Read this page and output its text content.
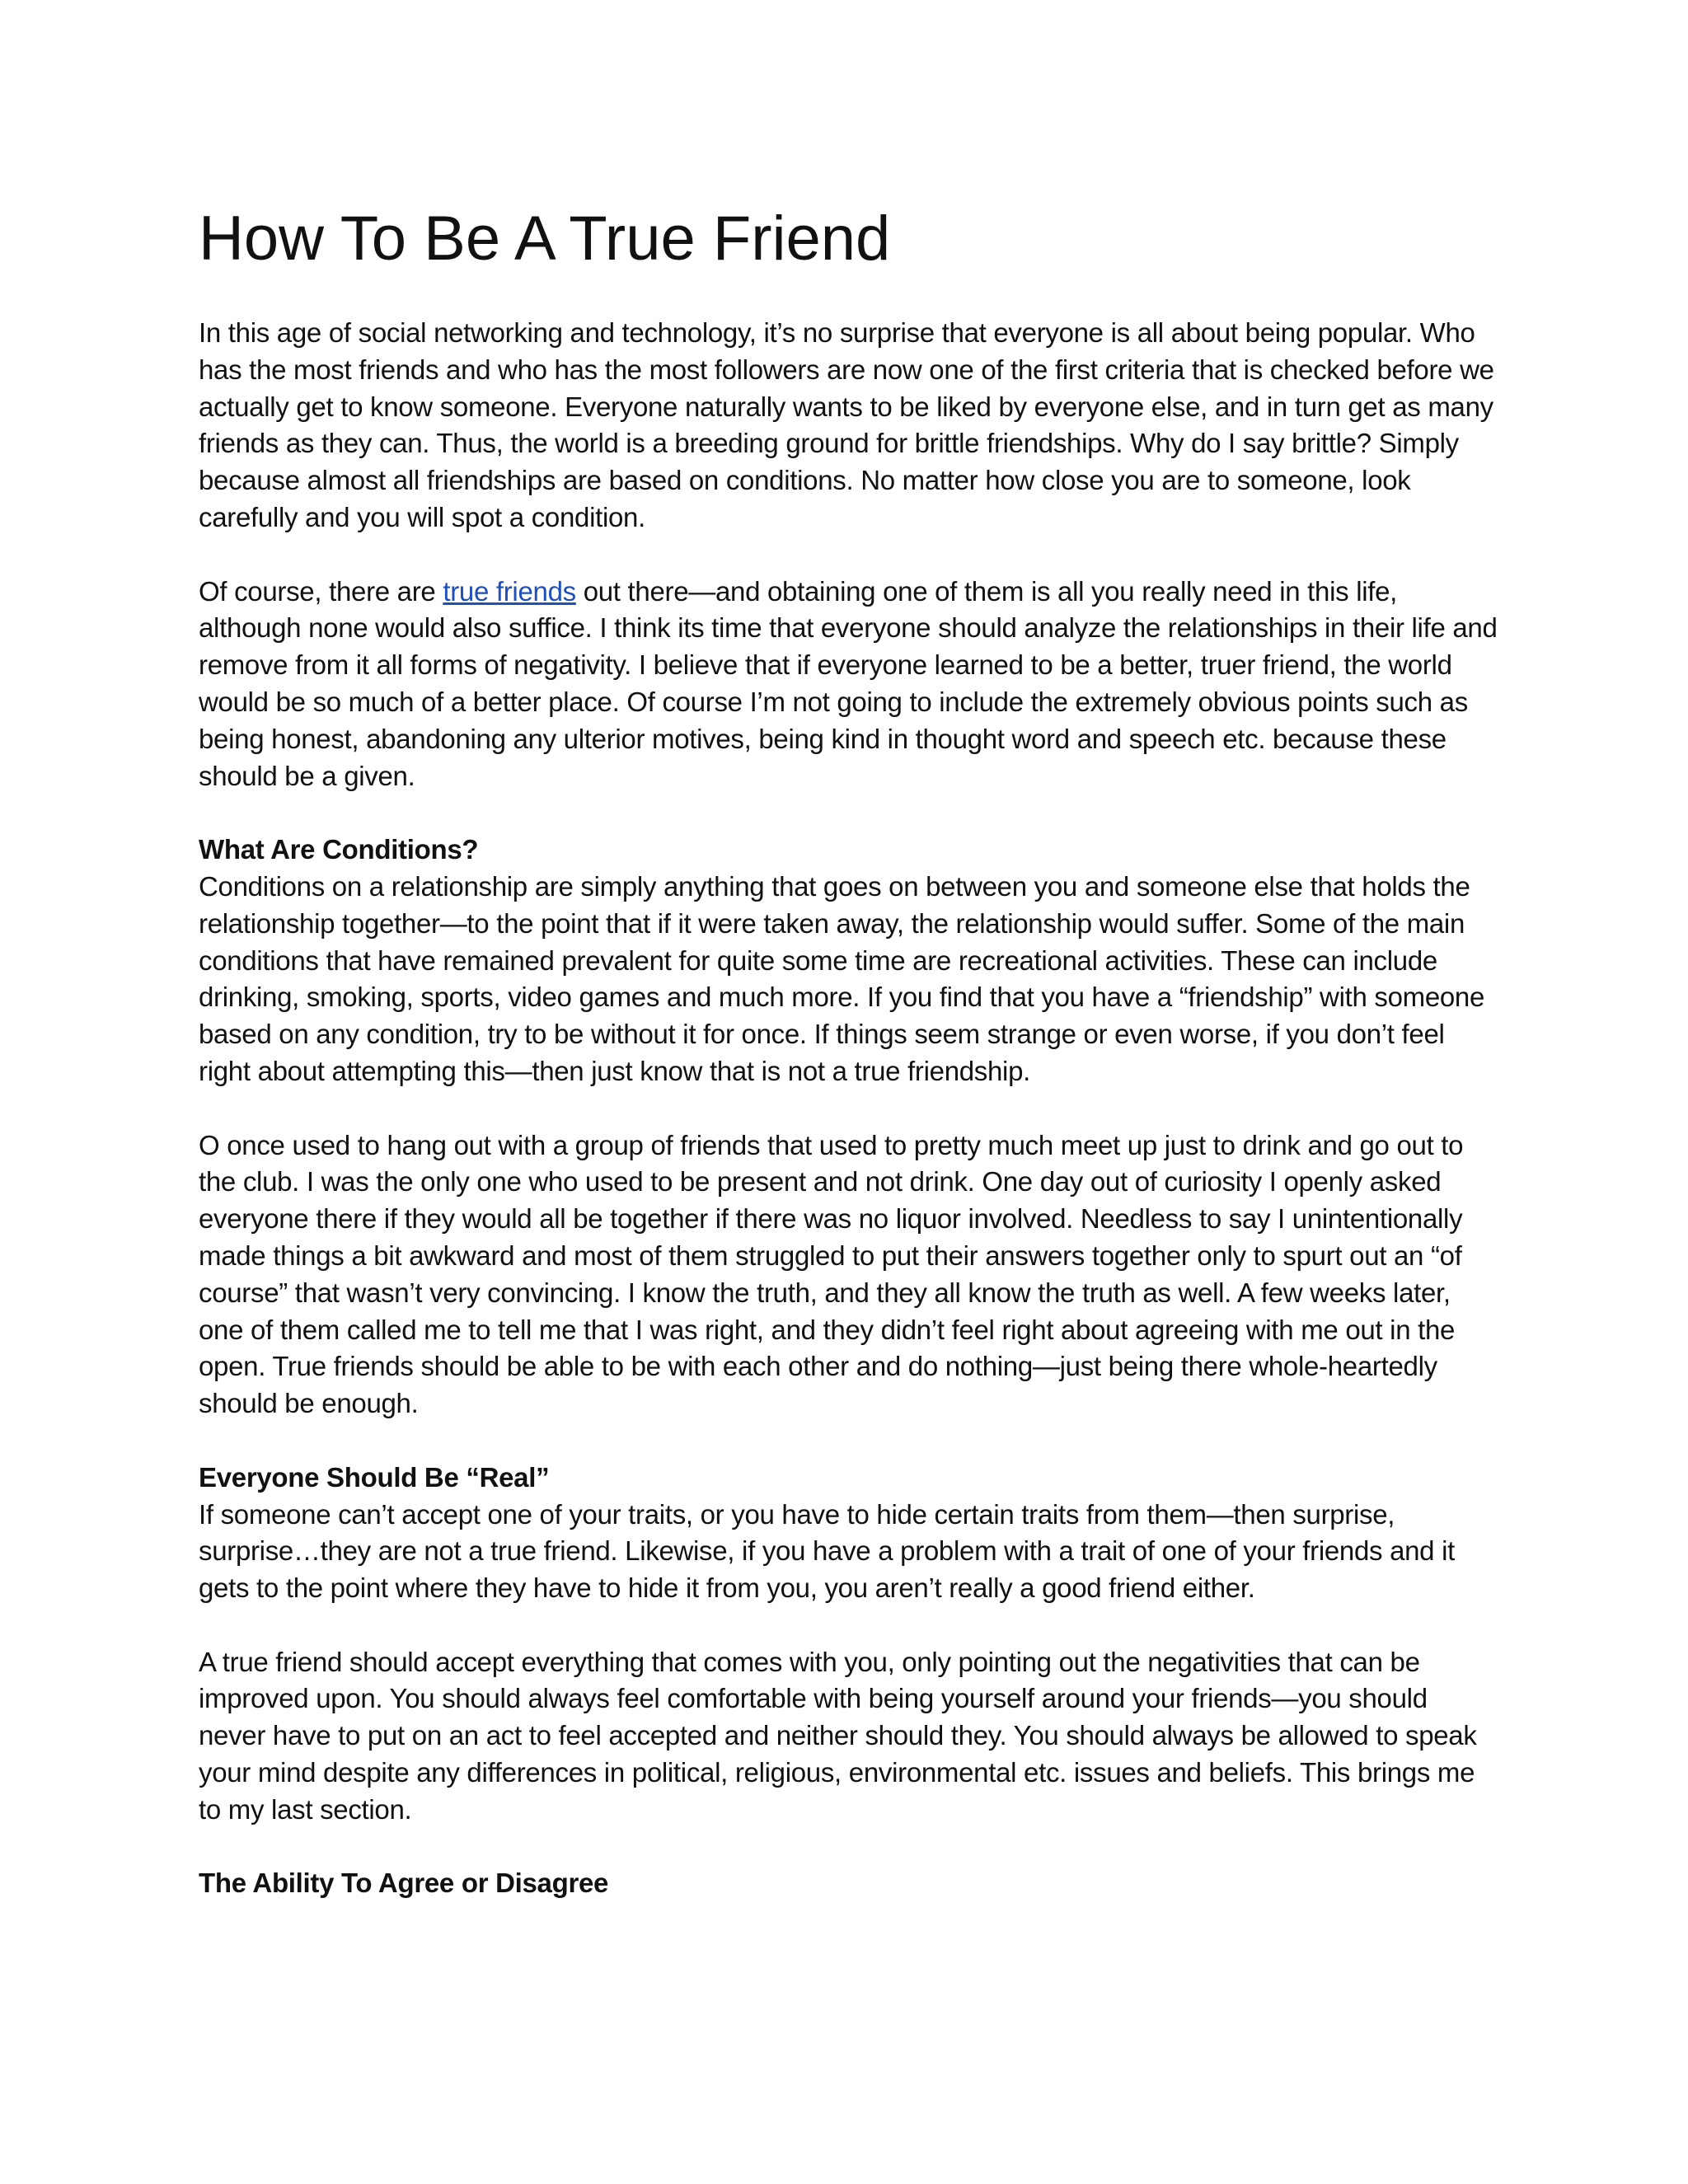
How To Be A True Friend

In this age of social networking and technology, it’s no surprise that everyone is all about being popular. Who has the most friends and who has the most followers are now one of the first criteria that is checked before we actually get to know someone. Everyone naturally wants to be liked by everyone else, and in turn get as many friends as they can. Thus, the world is a breeding ground for brittle friendships. Why do I say brittle? Simply because almost all friendships are based on conditions. No matter how close you are to someone, look carefully and you will spot a condition.

Of course, there are true friends out there—and obtaining one of them is all you really need in this life, although none would also suffice. I think its time that everyone should analyze the relationships in their life and remove from it all forms of negativity. I believe that if everyone learned to be a better, truer friend, the world would be so much of a better place. Of course I’m not going to include the extremely obvious points such as being honest, abandoning any ulterior motives, being kind in thought word and speech etc. because these should be a given.

What Are Conditions?

Conditions on a relationship are simply anything that goes on between you and someone else that holds the relationship together—to the point that if it were taken away, the relationship would suffer. Some of the main conditions that have remained prevalent for quite some time are recreational activities. These can include drinking, smoking, sports, video games and much more. If you find that you have a “friendship” with someone based on any condition, try to be without it for once. If things seem strange or even worse, if you don’t feel right about attempting this—then just know that is not a true friendship.

O once used to hang out with a group of friends that used to pretty much meet up just to drink and go out to the club. I was the only one who used to be present and not drink. One day out of curiosity I openly asked everyone there if they would all be together if there was no liquor involved. Needless to say I unintentionally made things a bit awkward and most of them struggled to put their answers together only to spurt out an “of course” that wasn’t very convincing. I know the truth, and they all know the truth as well. A few weeks later, one of them called me to tell me that I was right, and they didn’t feel right about agreeing with me out in the open. True friends should be able to be with each other and do nothing—just being there whole-heartedly should be enough.

Everyone Should Be “Real”

If someone can’t accept one of your traits, or you have to hide certain traits from them—then surprise, surprise…they are not a true friend. Likewise, if you have a problem with a trait of one of your friends and it gets to the point where they have to hide it from you, you aren’t really a good friend either.

A true friend should accept everything that comes with you, only pointing out the negativities that can be improved upon. You should always feel comfortable with being yourself around your friends—you should never have to put on an act to feel accepted and neither should they. You should always be allowed to speak your mind despite any differences in political, religious, environmental etc. issues and beliefs. This brings me to my last section.

The Ability To Agree or Disagree
